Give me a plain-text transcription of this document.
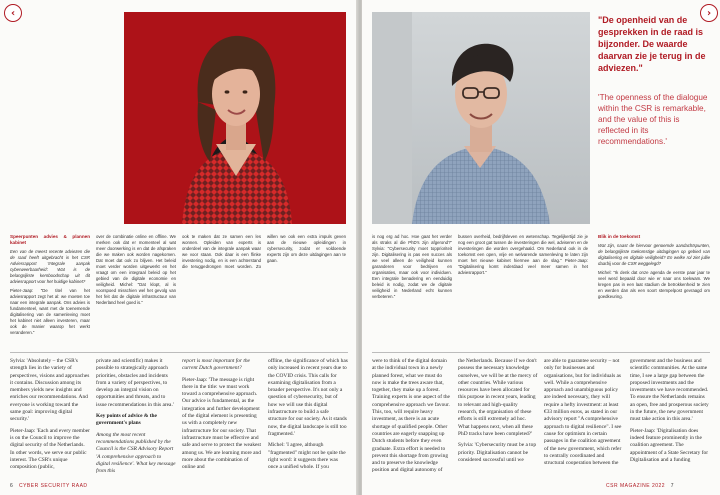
‹

Speerpunten advies & plannen kabinet

Een van de meest recente adviezen die de raad heeft uitgebracht is het CSR Adviesrapport 'Integrale aanpak cyberweerbaarheid'. Wat is de belangrijkste kernboodschap uit dit adviesrapport voor het huidige kabinet?

Pieter-Jaap: "De titel van het adviesrapport zegt het al: we moeten toe naar een integrale aanpak. Ons advies is fundamenteel, want met de toenemende digitalisering van de samenleving moet het kabinet niet alleen investeren, maar ook de manier waarop het werkt veranderen."

over de combinatie online en offline. We merken ook dat er momenteel al wat meer doorwerking is en dat de afspraken die we maken ook worden nagekomen. Dat moet dat ook zo blijven. Het beleid moet verder worden uitgewerkt en het vraagt om een integraal beleid op het gebied van de digitale economie en veiligheid. Michel: "Dat klopt, al is voorspoed misschien wel het gevolg van het feit dat de digitale infrastructuur van Nederland heel goed is."

ook te maken dat ze samen een les wonnen. Opleiden van experts is onderdeel van de integrale aanpak waar we voor staan. Ook daar is een flinke investering nodig, en is een achterstand die teruggedrongen moet worden. Zo willen we ook een extra impuls geven aan de nieuwe opleidingen in cybersecurity, zodat er voldoende experts zijn om deze uitdagingen aan te gaan.

Sylvia: 'Absolutely – the CSR's strength lies in the variety of perspectives, visions and approaches it contains. Discussion among its members yields new insights and enriches our recommendations. And everyone is working toward the same goal: improving digital security.'

Pieter-Jaap: 'Each and every member is on the Council to improve the digital security of the Netherlands. In other words, we serve our public interest. The CSR's unique composition (public,

private and scientific) makes it possible to strategically approach priorities, obstacles and incidents from a variety of perspectives, to develop an integral vision on opportunities and threats, and to issue recommendations in this area.'

Key points of advice & the government's plans

Among the most recent recommendations published by the Council is the CSR Advisory Report 'A comprehensive approach to digital resilience'. What key message from this

report is most important for the current Dutch government?

Pieter-Jaap: 'The message is right there in the title: we must work toward a comprehensive approach. Our advice is fundamental, as the integration and further development of the digital element is presenting us with a completely new infrastructure for our society. That infrastructure must be effective and safe and serve to protect the weakest among us. We are learning more and more about the combination of online and

offline, the significance of which has only increased in recent years due to the COVID crisis. This calls for examining digitalisation from a broader perspective. It's not only a question of cybersecurity, but of how we will use this digital infrastructure to build a safe structure for our society. As it stands now, the digital landscape is still too fragmented.'

Michel: 'I agree, although "fragmented" might not be quite the right word: it suggests there was once a unified whole. If you

6 CYBER SECURITY RAAD
›
"De openheid van de gesprekken in de raad is bijzonder. De waarde daarvan zie je terug in de adviezen."
'The openness of the dialogue within the CSR is remarkable, and the value of this is reflected in its recommendations.'

is nog erg ad hoc. Hoe gaat het verder als straks al die PhD's zijn afgerond?" Sylvia: "Cybersecurity moet topprioriteit zijn. Digitalisering is pas een succes als we veel alleen de veiligheid kunnen garanderen voor bedrijven en organisaties, maar ook voor individuen. Een integrale benadering en eenduidig beleid is nodig, zodat we de digitale veiligheid in Nederland echt kunnen verbeteren."

bussen overheid, bedrijfsleven en wetenschap. Tegelijkertijd zie je nog een groot gat tussen de investeringen die wel, adviseren en de investeringen die worden overgehaald. Om Nederland ook in de toekomst een open, vrije en welvarende samenleving te laten zijn moet het nieuwe kabinet hiermee aan de slag." Pieter-Jaap: "Digitalisering komt inderdaad veel meer samen in het adviesrapport."

Blik in de toekomst

Wat zijn, naast de hiervoor genoemde aandachtspunten, de belangrijkste toekomstige uitdagingen op gebied van digitalisering en digitale veiligheid? En welke rol ziet jullie daarbij voor de CSR weggelegd?

Michel: "Ik denk dat onze agenda de eerste paar jaar te veel werd bepaald door wie er naar ons toekwam. We kregen pas in een laat stadium de betrokkenheid te zien en werden dan als een soort stempelpost gevraagd om goedkeuring.

were to think of the digital domain at the individual town in a newly planned forest, what we must do now is make the trees aware that, together, they make up a forest. Training experts is one aspect of the comprehensive approach we favour. This, too, will require heavy investment, as there is an acute shortage of qualified people. Other countries are eagerly snapping up Dutch students before they even graduate. Extra effort is needed to prevent this shortage from growing and to preserve the knowledge position and digital autonomy of

the Netherlands. Because if we don't possess the necessary knowledge ourselves, we will be at the mercy of other countries. While various resources have been allocated for this purpose in recent years, leading to relevant and high-quality research, the organisation of these efforts is still extremely ad hoc. What happens next, when all these PhD tracks have been completed?'

Sylvia: 'Cybersecurity must be a top priority. Digitalisation cannot be considered successful until we

are able to guarantee security – not only for businesses and organisations, but for individuals as well. While a comprehensive approach and unambiguous policy are indeed necessary, they will require a hefty investment: at least €33 million euros, as stated in our advisory report "A comprehensive approach to digital resilience". I see cause for optimism in certain passages in the coalition agreement of the new government, which refer to centrally coordinated and structural cooperation between the

government and the business and scientific communities. At the same time, I see a large gap between the proposed investments and the investments we have recommended. To ensure the Netherlands remains an open, free and prosperous society in the future, the new government must take action in this area.'

Pieter-Jaap: 'Digitalisation does indeed feature prominently in the coalition agreement. The appointment of a State Secretary for Digitalisation and a funding

CSR MAGAZINE 2022 7
